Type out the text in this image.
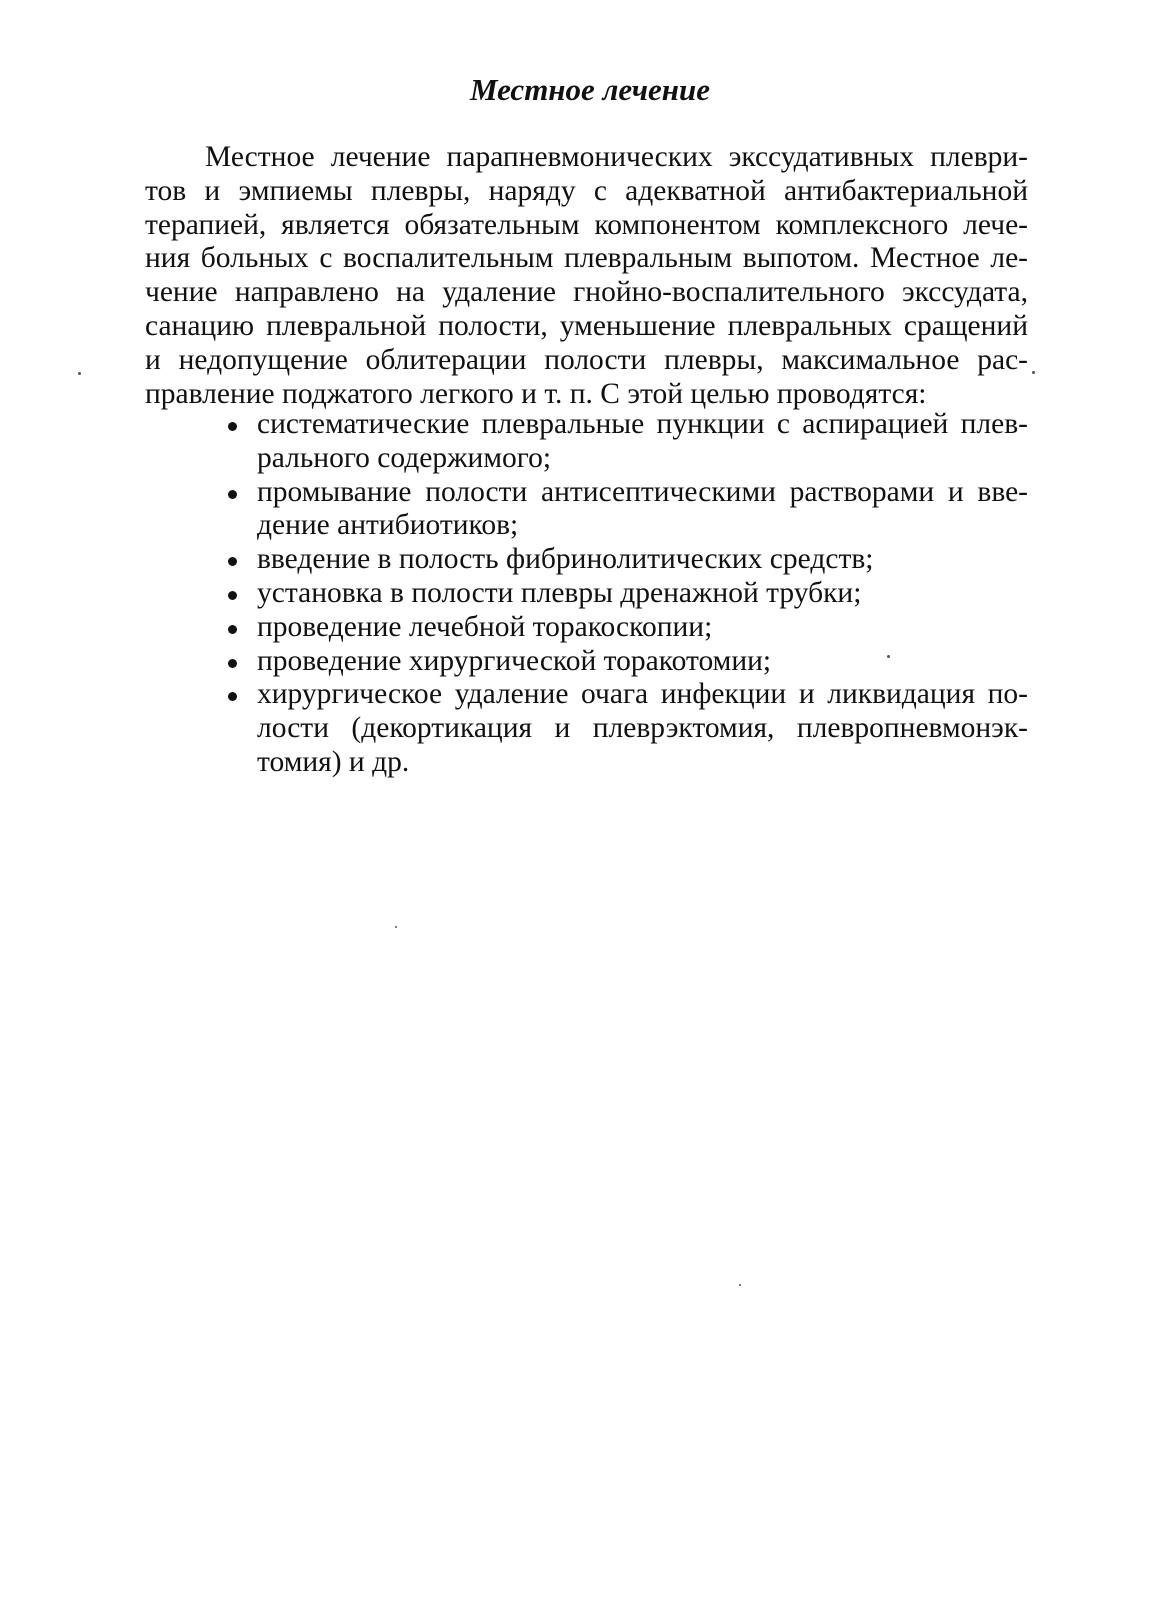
Местное лечение
Местное лечение парапневмонических экссудативных плеври-
тов и эмпиемы плевры, наряду с адекватной антибактериальной
терапией, является обязательным компонентом комплексного лече-
ния больных с воспалительным плевральным выпотом. Местное ле-
чение направлено на удаление гнойно-воспалительного экссудата,
санацию плевральной полости, уменьшение плевральных сращений
и недопущение облитерации полости плевры, максимальное рас-
правление поджатого легкого и т. п. С этой целью проводятся:
систематические плевральные пункции с аспирацией плев-
рального содержимого;
промывание полости антисептическими растворами и вве-
дение антибиотиков;
введение в полость фибринолитических средств;
установка в полости плевры дренажной трубки;
проведение лечебной торакоскопии;
проведение хирургической торакотомии;
хирургическое удаление очага инфекции и ликвидация по-
лости (декортикация и плеврэктомия, плевропневмонэк-
томия) и др.
